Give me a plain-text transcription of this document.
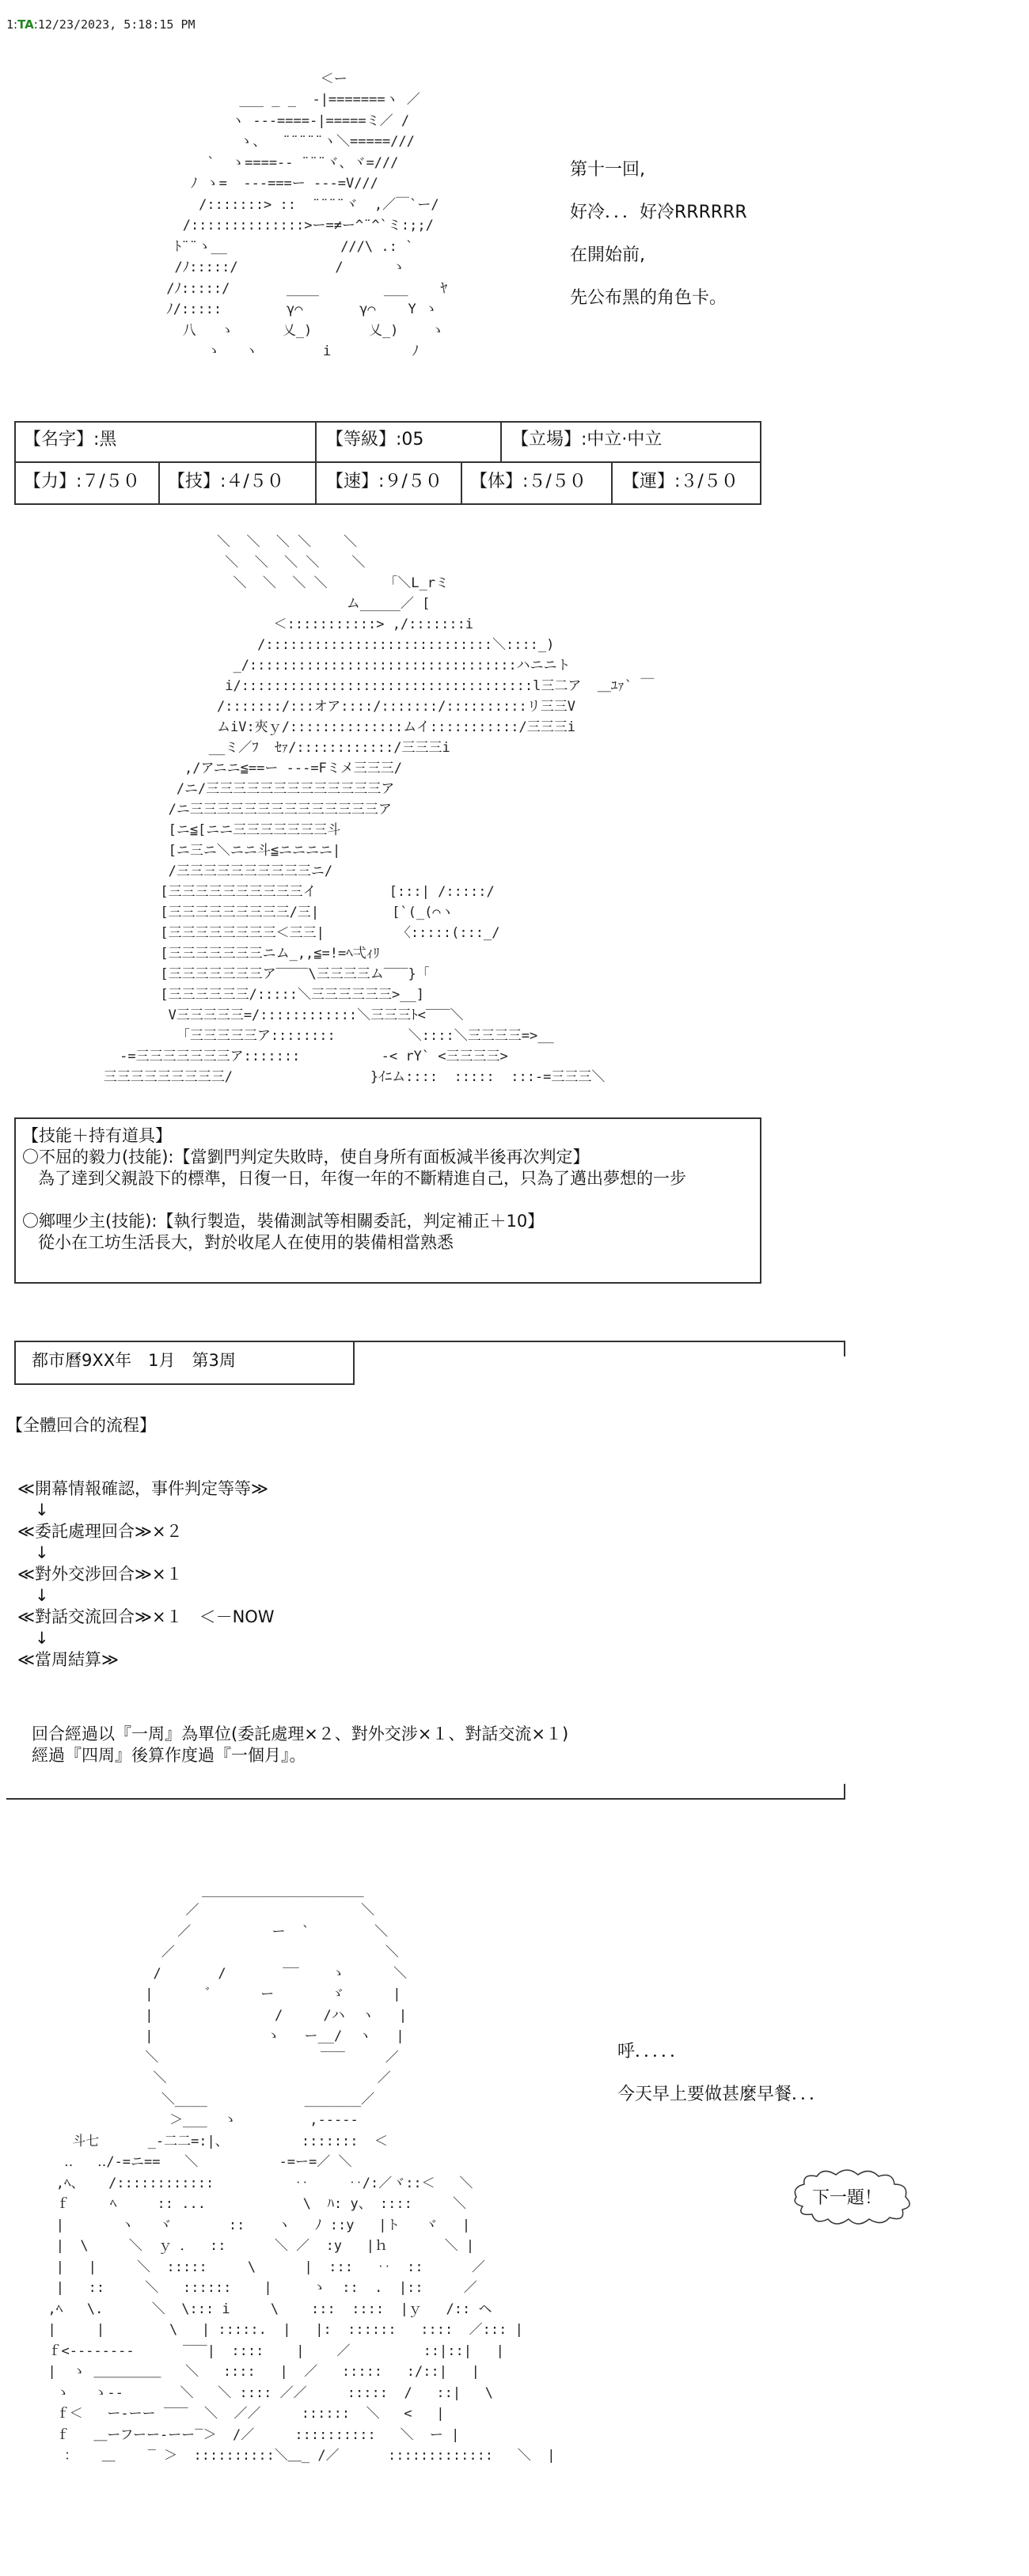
1:TA:12/23/2023, 5:18:15 PM

＜ー
___ _ _  -|=======ヽ ／
ヽ ---====-|=====ミ／ /
ゝ、  ¨¨¨¨¨ヽ＼=====///
`  ゝ====-- ¨¨¨ヾ、ヾ=///
ﾉ ゝ=  ---===ー ---=V///
/:::::::> ::  ¨¨¨¨ヾ  ,／￣`ー/
/::::::::::::::>ー=≠ー^¨^`ミ:;;/
ﾄ¨¨ゝ__              ///\ .: `
/ﾉ:::::/            /      ゝ
/ﾉ:::::/       ____        ___    ﾔ
ﾉ/:::::        γ⌒       γ⌒    Y ゝ
八   ゝ      乂_)       乂_)    ゝ
ゝ   ヽ	i	ﾉ

第十一回,
好冷．．．好冷RRRRRR
在開始前,
先公布黑的角色卡。
【名字】:黑	【等級】:05	【立場】:中立·中立
【力】:７/５０ 【技】:４/５０ 【速】:９/５０ 【体】:５/５０ 【運】:３/５０

＼  ＼  ＼ ＼    ＼
＼  ＼  ＼ ＼    ＼
＼  ＼  ＼ ＼       「＼L_rミ
ム_____／ [
＜:::::::::::> ,/:::::::i
/::::::::::::::::::::::::::::＼::::_)
_/:::::::::::::::::::::::::::::::::ハニニト
i/::::::::::::::::::::::::::::::::::::l三二ア  ＿ﾕｧ` ￣
/:::::::/:::オア::::/:::::::/::::::::::リ三三V
ムiV:夾ｙ/::::::::::::::ムイ:::::::::::/三三三i
__ミ／ﾌ  ｾｧ/::::::::::::/三三三i
,/アニニ≦==ー ---=Fミメ三三三/
/ニ/三三三三三三三三三三三三三ア
/ニ三三三三三三三三三三三三三三ア
[ニ≦[ニニ三三三三三三三斗
[ニ三ニ＼ニニ斗≦ニニニニ|
/三三三三三三三三三三ニ/
[三三三三三三三三三三イ         [:::| /:::::/
[三三三三三三三三三/三|         [`(_(⌒ヽ
[三三三三三三三三＜三三|         〈:::::(:::_/
[三三三三三三三ニム_,,≦=!=ﾍ弌ｨﾘ
[三三三三三三三ア‾‾‾‾\三三三三ム‾‾‾}「
[三三三三三三/:::::＼三三三三三三>__]
V三三三三三=/::::::::::::＼三三三ﾄ<‾‾‾＼
「三三三三三ア::::::::         ＼::::＼三三三三=>__
-=三三三三三三三ア:::::::          -< rY` <三三三三>
三三三三三三三三三/                 }ｲﾆム::::  :::::  :::-=三三三＼

【技能＋持有道具】
〇不屈的毅力(技能):【當劉門判定失敗時，使自身所有面板減半後再次判定】
為了達到父親設下的標準，日復一日，年復一年的不斷精進自己，只為了邁出夢想的一步
〇鄉哩少主(技能):【執行製造，裝備測試等相關委託，判定補正＋10】
從小在工坊生活長大，對於收尾人在使用的裝備相當熟悉
都市曆9XX年　1月　第3周
【全體回合的流程】
≪開幕情報確認，事件判定等等≫
↓
≪委託處理回合≫×２
↓
≪對外交涉回合≫×１
↓
≪對話交流回合≫×１　＜－NOW
↓
≪當周結算≫
回合經過以『一周』為單位(委託處理×２、對外交涉×１、對話交流×１)
經過『四周』後算作度過『一個月』。

____________________
／                    ＼
／          ー  `        ＼
／                          ＼
/       /       ‾‾    ゝ      ＼
|       ﾞ      ー       ゞ      |
|               /     /ハ  ヽ   |
|              ゝ   ー__/  ヽ   |
＼                    ‾‾‾     ／
＼                          ／
＼____            _______／
＞___  ゝ         ,-----
斗七	_-二二=:|、         :::::::  ＜
‥   ‥/-=ニ==   ＼          -=ー=／ ＼
,ﾍ、   /::::::::::::          ‥     ‥/:／ヾ::＜   ＼
ｆ     ﾍ     :: ...            \  ﾊ: y、 ::::     ＼
|       ヽ   ヾ       ::    ヽ   ﾉ ::y   |ト   ヾ   |
|  \     ＼  ｙ ．  ::      ＼ ／  :y   |ｈ       ＼ |
|   |     ＼  :::::     \      |  :::   ‥  ::      ／
|   ::     ＼   ::::::    |     ゝ  ::  .  |::     ／
,ﾍ   \.      ＼  \::: i     \    :::  ::::  |ｙ   /:: ヘ
|     |        \   | :::::.  |   |:  ::::::   ::::  ／::: |
ｆ<--------      ‾‾‾|  ::::    |    ／         ::|::|   |
|  ゝ ＿＿＿＿＿   ＼   ::::   |  ／   :::::   :/::|   |
ゝ   ゝ--       ＼   ＼ :::: ／／     :::::  /   ::|   \
ｆ＜   ー‐ーー ‾‾‾  ＼  ／／     ::::::  ＼   <   |
ｆ   ＿ーフーー‐ーー‾＞  /／     ::::::::::   ＼  ー |
：   ＿    ‾ ＞  ::::::::::＼＿_ /／      :::::::::::::   ＼  |

呼．．．．．
今天早上要做甚麼早餐．．．
下一題！
